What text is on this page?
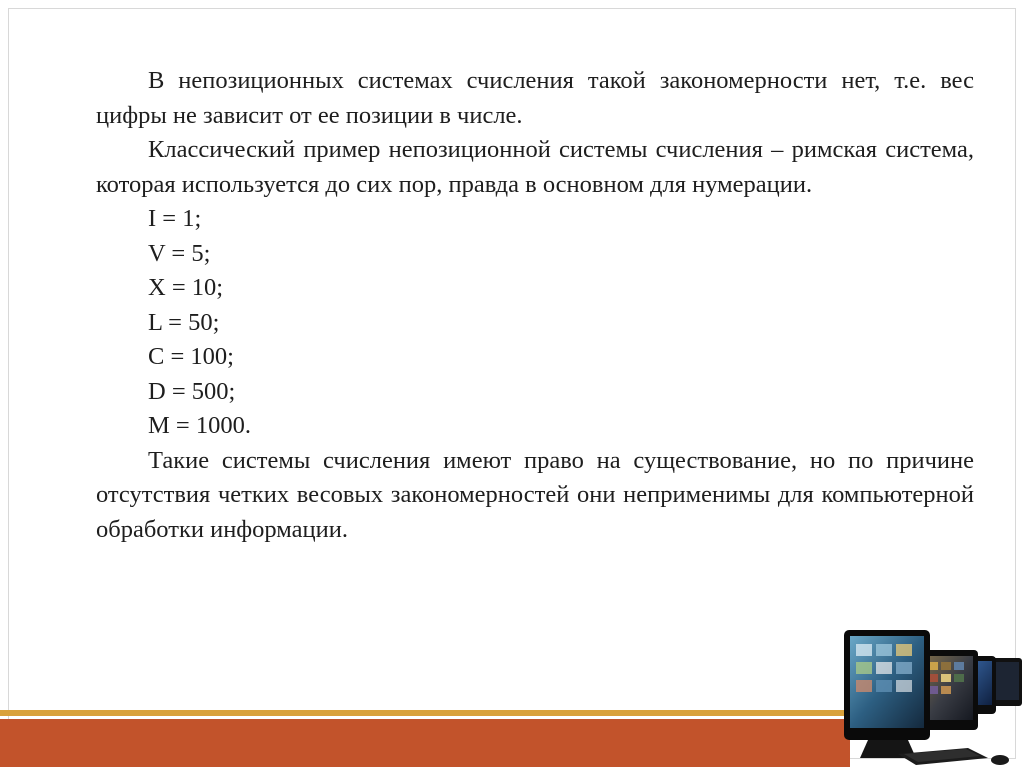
В непозиционных системах счисления такой закономерности нет, т.е. вес цифры не зависит от ее позиции в числе.

Классический пример непозиционной системы счисления – римская система, которая используется до сих пор, правда в основном для нумерации.

I = 1;

V = 5;

X = 10;

L = 50;

C = 100;

D = 500;

M = 1000.

Такие системы счисления имеют право на существование, но по причине отсутствия четких весовых закономерностей они неприменимы для компьютерной обработки информации.
